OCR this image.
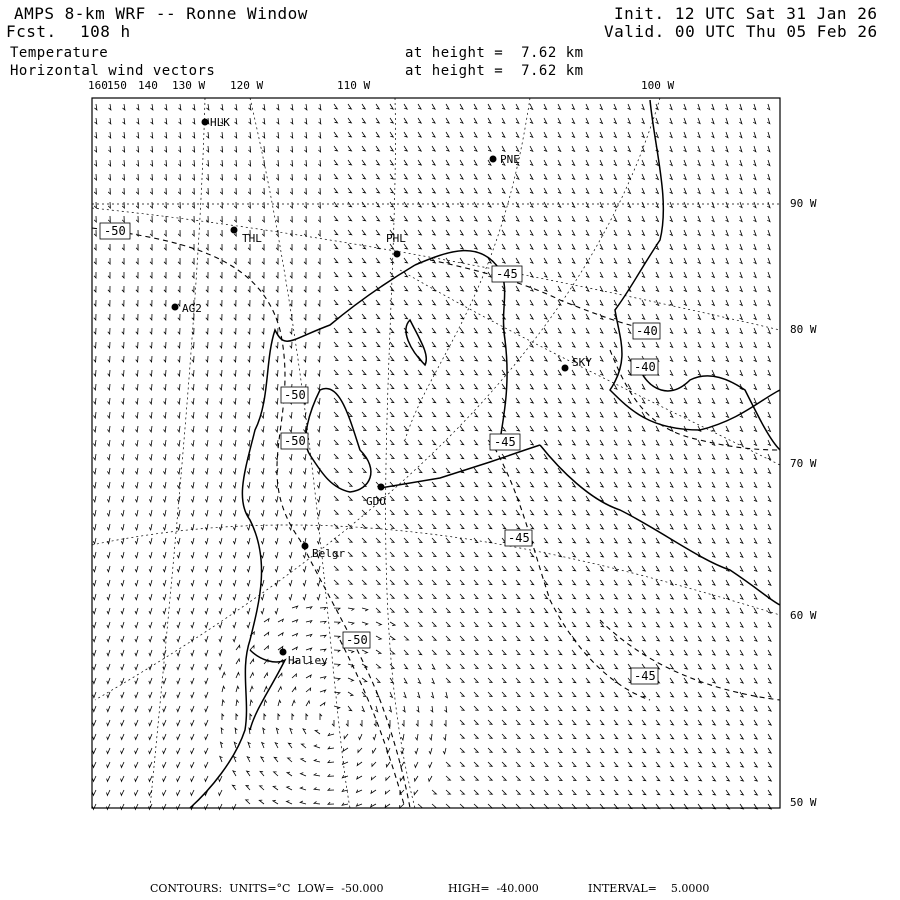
AMPS 8-km WRF -- Ronne Window
Fcst. 108 h
Init. 12 UTC Sat 31 Jan 26
Valid. 00 UTC Thu 05 Feb 26
Temperature
Horizontal wind vectors
at height =  7.62 km
at height =  7.62 km
160 150 140 130 W 120 W	110 W	100 W
90 W
80 W
70 W
60 W
50 W
HLK
PNE
THL	PHL
AG2
SKY
GDO
Belgr
Halley
-50
-45
-50
-50	-45
-40
-40
-45
-45
-50
CONTOURS:  UNITS=°C  LOW=  -50.000	HIGH=  -40.000	INTERVAL=    5.0000
